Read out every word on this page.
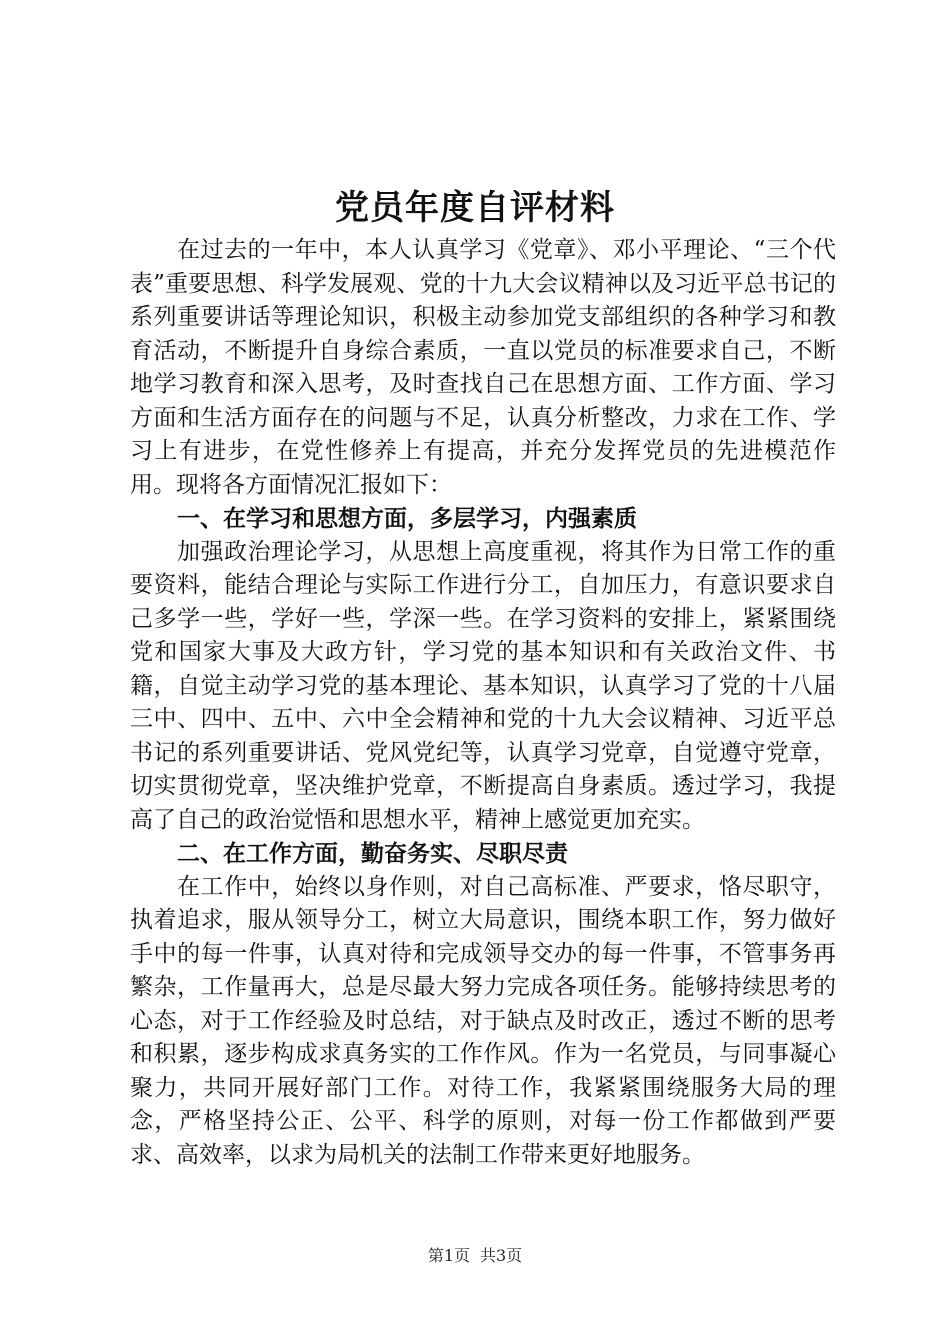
党员年度自评材料

在过去的一年中，本人认真学习《党章》、邓小平理论、“三个代表”重要思想、科学发展观、党的十九大会议精神以及习近平总书记的系列重要讲话等理论知识，积极主动参加党支部组织的各种学习和教育活动，不断提升自身综合素质，一直以党员的标准要求自己，不断地学习教育和深入思考，及时查找自己在思想方面、工作方面、学习方面和生活方面存在的问题与不足，认真分析整改，力求在工作、学习上有进步，在党性修养上有提高，并充分发挥党员的先进模范作用。现将各方面情况汇报如下：

一、在学习和思想方面，多层学习，内强素质

加强政治理论学习，从思想上高度重视，将其作为日常工作的重要资料，能结合理论与实际工作进行分工，自加压力，有意识要求自己多学一些，学好一些，学深一些。在学习资料的安排上，紧紧围绕党和国家大事及大政方针，学习党的基本知识和有关政治文件、书籍，自觉主动学习党的基本理论、基本知识，认真学习了党的十八届三中、四中、五中、六中全会精神和党的十九大会议精神、习近平总书记的系列重要讲话、党风党纪等，认真学习党章，自觉遵守党章，切实贯彻党章，坚决维护党章，不断提高自身素质。透过学习，我提高了自己的政治觉悟和思想水平，精神上感觉更加充实。

二、在工作方面，勤奋务实、尽职尽责

在工作中，始终以身作则，对自己高标准、严要求，恪尽职守，执着追求，服从领导分工，树立大局意识，围绕本职工作，努力做好手中的每一件事，认真对待和完成领导交办的每一件事，不管事务再繁杂，工作量再大，总是尽最大努力完成各项任务。能够持续思考的心态，对于工作经验及时总结，对于缺点及时改正，透过不断的思考和积累，逐步构成求真务实的工作作风。作为一名党员，与同事凝心聚力，共同开展好部门工作。对待工作，我紧紧围绕服务大局的理念，严格坚持公正、公平、科学的原则，对每一份工作都做到严要求、高效率，以求为局机关的法制工作带来更好地服务。

第1页 共3页
